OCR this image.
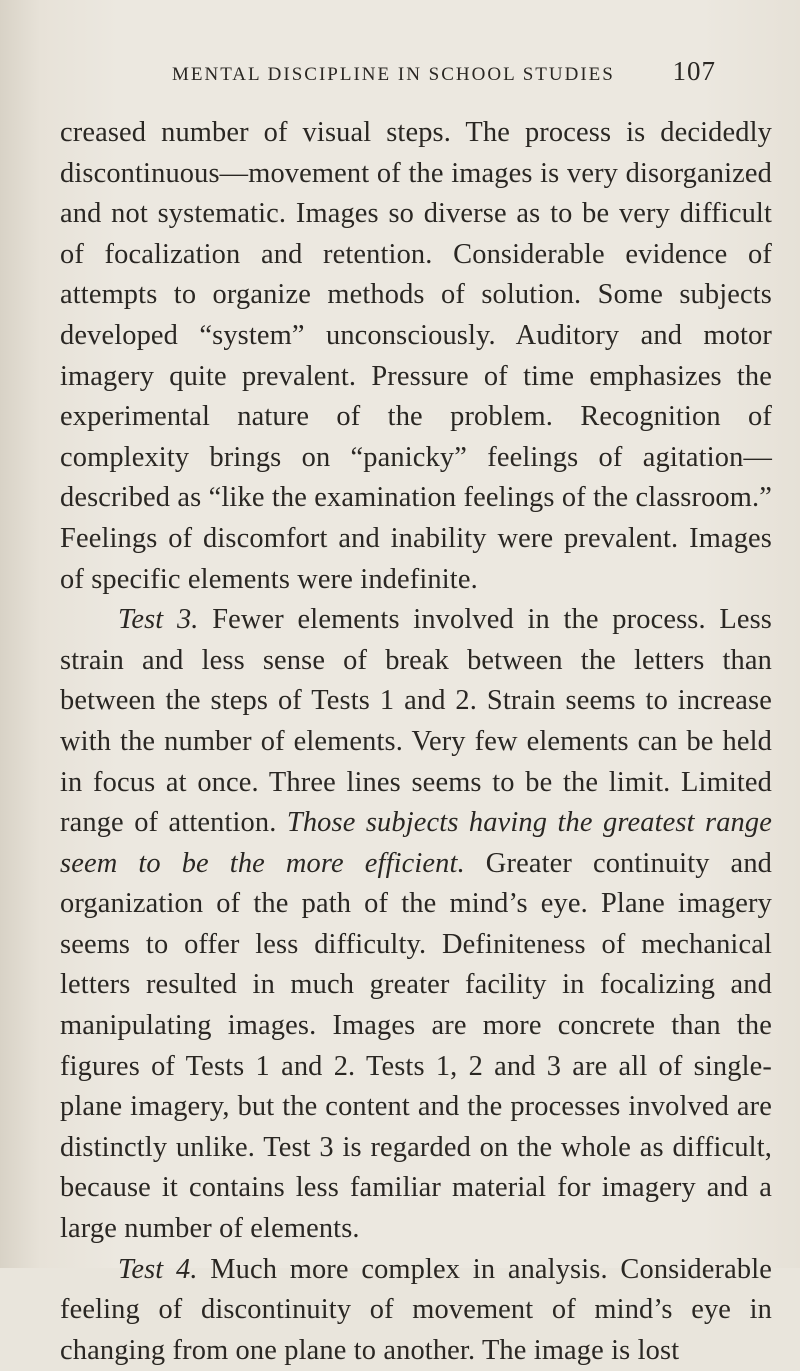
MENTAL DISCIPLINE IN SCHOOL STUDIES 107

creased number of visual steps. The process is decidedly discontinuous—movement of the images is very disorganized and not systematic. Images so diverse as to be very difficult of focalization and retention. Considerable evidence of attempts to organize methods of solution. Some subjects developed “system” unconsciously. Auditory and motor imagery quite prevalent. Pressure of time emphasizes the experimental nature of the problem. Recognition of complexity brings on “panicky” feelings of agitation—described as “like the examination feelings of the classroom.” Feelings of discomfort and inability were prevalent. Images of specific elements were indefinite.

Test 3. Fewer elements involved in the process. Less strain and less sense of break between the letters than between the steps of Tests 1 and 2. Strain seems to increase with the number of elements. Very few elements can be held in focus at once. Three lines seems to be the limit. Limited range of attention. Those subjects having the greatest range seem to be the more efficient. Greater continuity and organization of the path of the mind’s eye. Plane imagery seems to offer less difficulty. Definiteness of mechanical letters resulted in much greater facility in focalizing and manipulating images. Images are more concrete than the figures of Tests 1 and 2. Tests 1, 2 and 3 are all of single-plane imagery, but the content and the processes involved are distinctly unlike. Test 3 is regarded on the whole as difficult, because it contains less familiar material for imagery and a large number of elements.

Test 4. Much more complex in analysis. Considerable feeling of discontinuity of movement of mind’s eye in changing from one plane to another. The image is lost
